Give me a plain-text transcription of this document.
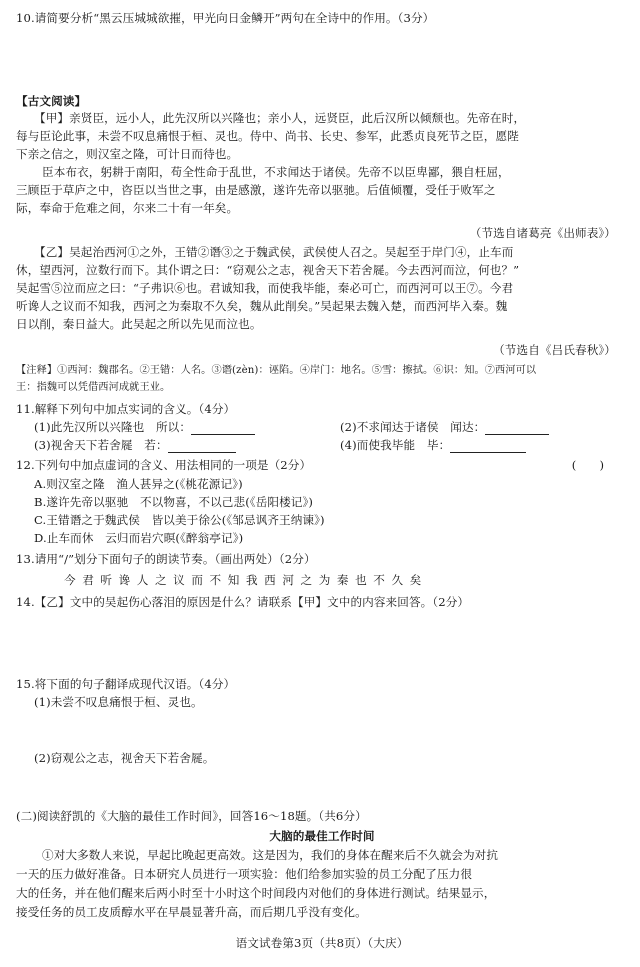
10.请简要分析“黑云压城城欲摧，甲光向日金鳞开”两句在全诗中的作用。（3分）
【古文阅读】
【甲】亲贤臣，远小人，此先汉所以兴隆也；亲小人，远贤臣，此后汉所以倾颓也。先帝在时，
每与臣论此事，未尝不叹息痛恨于桓、灵也。侍中、尚书、长史、参军，此悉贞良死节之臣，愿陛
下亲之信之，则汉室之隆，可计日而待也。
臣本布衣，躬耕于南阳，苟全性命于乱世，不求闻达于诸侯。先帝不以臣卑鄙，猥自枉屈，
三顾臣于草庐之中，咨臣以当世之事，由是感激，遂许先帝以驱驰。后值倾覆，受任于败军之
际，奉命于危难之间，尔来二十有一年矣。
（节选自诸葛亮《出师表》）
【乙】吴起治西河①之外，王错②谮③之于魏武侯，武侯使人召之。吴起至于岸门④，止车而
休，望西河，泣数行而下。其仆谓之曰：“窃观公之志，视舍天下若舍屣。今去西河而泣，何也？”
吴起雪⑤泣而应之曰：“子弗识⑥也。君诚知我，而使我毕能，秦必可亡，而西河可以王⑦。今君
听谗人之议而不知我，西河之为秦取不久矣，魏从此削矣。”吴起果去魏入楚，而西河毕入秦。魏
日以削，秦日益大。此吴起之所以先见而泣也。
（节选自《吕氏春秋》）
【注释】①西河：魏郡名。②王错：人名。③谮(zèn)：诬陷。④岸门：地名。⑤雪：擦拭。⑥识：知。⑦西河可以
王：指魏可以凭借西河成就王业。
11.解释下列句中加点实词的含义。（4分）
(1)此先汉所以兴隆也　所以：	(2)不求闻达于诸侯　闻达：
(3)视舍天下若舍屣　若：	(4)而使我毕能　毕：
12.下列句中加点虚词的含义、用法相同的一项是（2分）	(　　)
A.则汉室之隆　渔人甚异之(《桃花源记》)
B.遂许先帝以驱驰　不以物喜，不以己悲(《岳阳楼记》)
C.王错谮之于魏武侯　皆以美于徐公(《邹忌讽齐王纳谏》)
D.止车而休　云归而岩穴暝(《醉翁亭记》)
13.请用“/”划分下面句子的朗读节奏。（画出两处）（2分）
今君听谗人之议而不知我西河之为秦也不久矣
14.【乙】文中的吴起伤心落泪的原因是什么？请联系【甲】文中的内容来回答。（2分）
15.将下面的句子翻译成现代汉语。（4分）
(1)未尝不叹息痛恨于桓、灵也。
(2)窃观公之志，视舍天下若舍屣。
(二)阅读舒凯的《大脑的最佳工作时间》，回答16～18题。（共6分）
大脑的最佳工作时间
①对大多数人来说，早起比晚起更高效。这是因为，我们的身体在醒来后不久就会为对抗
一天的压力做好准备。日本研究人员进行一项实验：他们给参加实验的员工分配了压力很
大的任务，并在他们醒来后两小时至十小时这个时间段内对他们的身体进行测试。结果显示，
接受任务的员工皮质醇水平在早晨显著升高，而后期几乎没有变化。
语文试卷第3页（共8页）（大庆）
